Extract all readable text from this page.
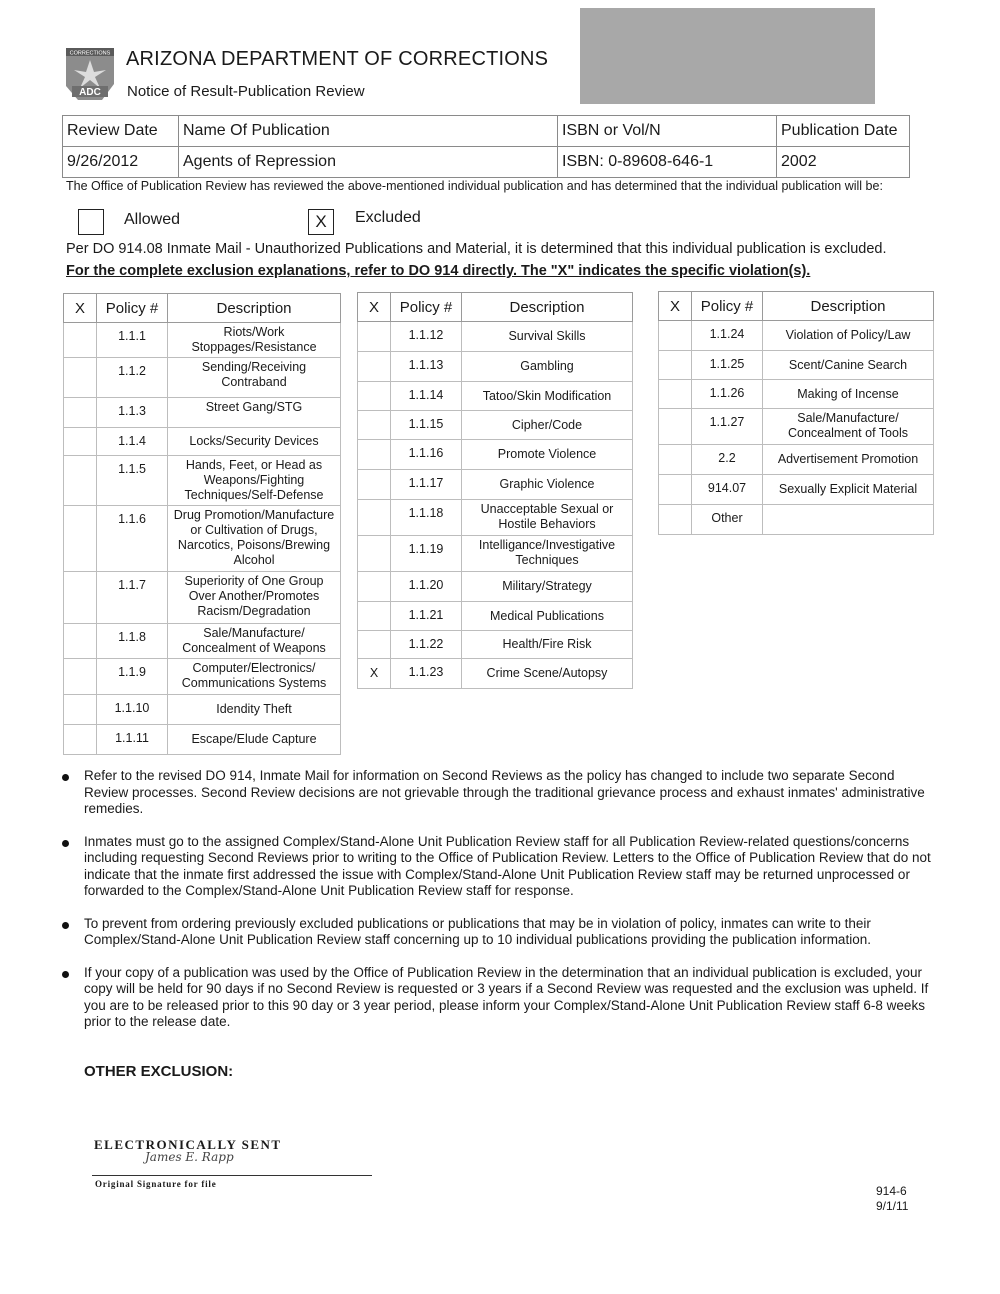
CORRECTIONS
ADC
ARIZONA DEPARTMENT OF CORRECTIONS
Notice of Result-Publication Review
Review Date	Name Of Publication	ISBN or Vol/N	Publication Date
9/26/2012	Agents of Repression	ISBN: 0-89608-646-1	2002
The Office of Publication Review has reviewed the above-mentioned individual publication and has determined that the individual publication will be:
Allowed	X	Excluded
Per DO 914.08 Inmate Mail - Unauthorized Publications and Material, it is determined that this individual publication is excluded.
For the complete exclusion explanations, refer to DO 914 directly. The "X" indicates the specific violation(s).
X	Policy #	Description
	1.1.1	Riots/Work Stoppages/Resistance
	1.1.2	Sending/Receiving Contraband
	1.1.3	Street Gang/STG
	1.1.4	Locks/Security Devices
	1.1.5	Hands, Feet, or Head as Weapons/Fighting Techniques/Self-Defense
	1.1.6	Drug Promotion/Manufacture or Cultivation of Drugs, Narcotics, Poisons/Brewing Alcohol
	1.1.7	Superiority of One Group Over Another/Promotes Racism/Degradation
	1.1.8	Sale/Manufacture/ Concealment of Weapons
	1.1.9	Computer/Electronics/ Communications Systems
	1.1.10	Idendity Theft
	1.1.11	Escape/Elude Capture
X	Policy #	Description
	1.1.12	Survival Skills
	1.1.13	Gambling
	1.1.14	Tatoo/Skin Modification
	1.1.15	Cipher/Code
	1.1.16	Promote Violence
	1.1.17	Graphic Violence
	1.1.18	Unacceptable Sexual or Hostile Behaviors
	1.1.19	Intelligance/Investigative Techniques
	1.1.20	Military/Strategy
	1.1.21	Medical Publications
	1.1.22	Health/Fire Risk
X	1.1.23	Crime Scene/Autopsy
X	Policy #	Description
	1.1.24	Violation of Policy/Law
	1.1.25	Scent/Canine Search
	1.1.26	Making of Incense
	1.1.27	Sale/Manufacture/ Concealment of Tools
	2.2	Advertisement Promotion
	914.07	Sexually Explicit Material
	Other	
Refer to the revised DO 914, Inmate Mail for information on Second Reviews as the policy has changed to include two separate Second Review processes. Second Review decisions are not grievable through the traditional grievance process and exhaust inmates' administrative remedies.
Inmates must go to the assigned Complex/Stand-Alone Unit Publication Review staff for all Publication Review-related questions/concerns including requesting Second Reviews prior to writing to the Office of Publication Review. Letters to the Office of Publication Review that do not indicate that the inmate first addressed the issue with Complex/Stand-Alone Unit Publication Review staff may be returned unprocessed or forwarded to the Complex/Stand-Alone Unit Publication Review staff for response.
To prevent from ordering previously excluded publications or publications that may be in violation of policy, inmates can write to their Complex/Stand-Alone Unit Publication Review staff concerning up to 10 individual publications providing the publication information.
If your copy of a publication was used by the Office of Publication Review in the determination that an individual publication is excluded, your copy will be held for 90 days if no Second Review is requested or 3 years if a Second Review was requested and the exclusion was upheld. If you are to be released prior to this 90 day or 3 year period, please inform your Complex/Stand-Alone Unit Publication Review staff 6-8 weeks prior to the release date.
OTHER EXCLUSION:
ELECTRONICALLY SENT
James E. Rapp
Original Signature for file	914-6
9/1/11
